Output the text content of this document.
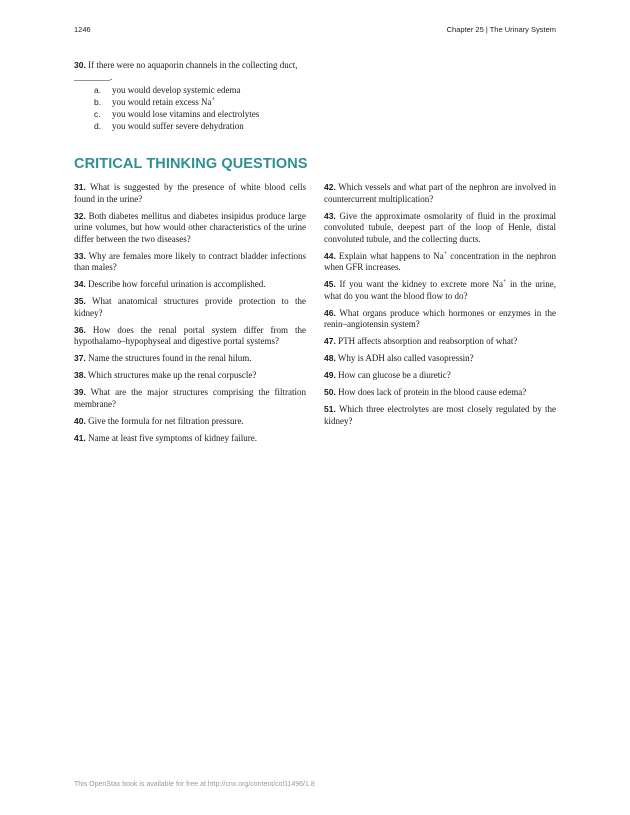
1246	Chapter 25 | The Urinary System
30. If there were no aquaporin channels in the collecting duct, ________.
a.	you would develop systemic edema
b.	you would retain excess Na+
c.	you would lose vitamins and electrolytes
d.	you would suffer severe dehydration
CRITICAL THINKING QUESTIONS
31. What is suggested by the presence of white blood cells found in the urine?
32. Both diabetes mellitus and diabetes insipidus produce large urine volumes, but how would other characteristics of the urine differ between the two diseases?
33. Why are females more likely to contract bladder infections than males?
34. Describe how forceful urination is accomplished.
35. What anatomical structures provide protection to the kidney?
36. How does the renal portal system differ from the hypothalamo–hypophyseal and digestive portal systems?
37. Name the structures found in the renal hilum.
38. Which structures make up the renal corpuscle?
39. What are the major structures comprising the filtration membrane?
40. Give the formula for net filtration pressure.
41. Name at least five symptoms of kidney failure.
42. Which vessels and what part of the nephron are involved in countercurrent multiplication?
43. Give the approximate osmolarity of fluid in the proximal convoluted tubule, deepest part of the loop of Henle, distal convoluted tubule, and the collecting ducts.
44. Explain what happens to Na+ concentration in the nephron when GFR increases.
45. If you want the kidney to excrete more Na+ in the urine, what do you want the blood flow to do?
46. What organs produce which hormones or enzymes in the renin–angiotensin system?
47. PTH affects absorption and reabsorption of what?
48. Why is ADH also called vasopressin?
49. How can glucose be a diuretic?
50. How does lack of protein in the blood cause edema?
51. Which three electrolytes are most closely regulated by the kidney?
This OpenStax book is available for free at http://cnx.org/content/col11496/1.8
